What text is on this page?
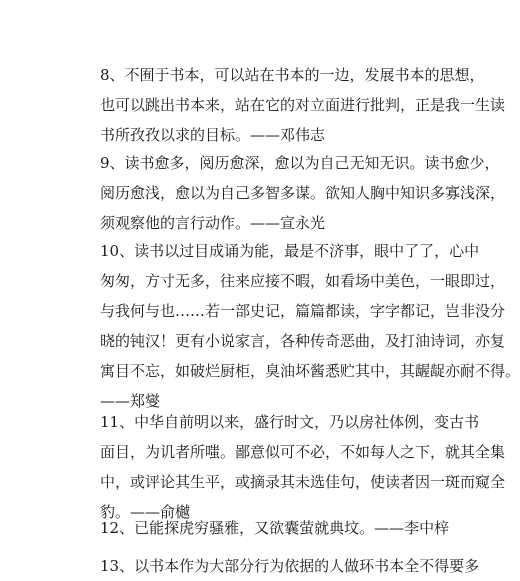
8、不囿于书本，可以站在书本的一边，发展书本的思想，
也可以跳出书本来，站在它的对立面进行批判，正是我一生读
书所孜孜以求的目标。——邓伟志
9、读书愈多，阅历愈深，愈以为自己无知无识。读书愈少，
阅历愈浅，愈以为自己多智多谋。欲知人胸中知识多寡浅深，
须观察他的言行动作。——宣永光
10、读书以过目成诵为能，最是不济事，眼中了了，心中
匆匆，方寸无多，往来应接不暇，如看场中美色，一眼即过，
与我何与也……若一部史记，篇篇都读，字字都记，岂非没分
晓的钝汉！更有小说家言，各种传奇恶曲，及打油诗词，亦复
寓目不忘，如破烂厨柜，臭油坏酱悉贮其中，其龌龊亦耐不得。
——郑燮
11、中华自前明以来，盛行时文，乃以房社体例，变古书
面目，为讥者所嗤。鄙意似可不必，不如每人之下，就其全集
中，或评论其生平，或摘录其未选佳句，使读者因一斑而窥全
豹。——俞樾
12、已能探虎穷骚雅，又欲囊萤就典坟。——李中梓
13、以书本作为大部分行为依据的人做环书本全不得要多
